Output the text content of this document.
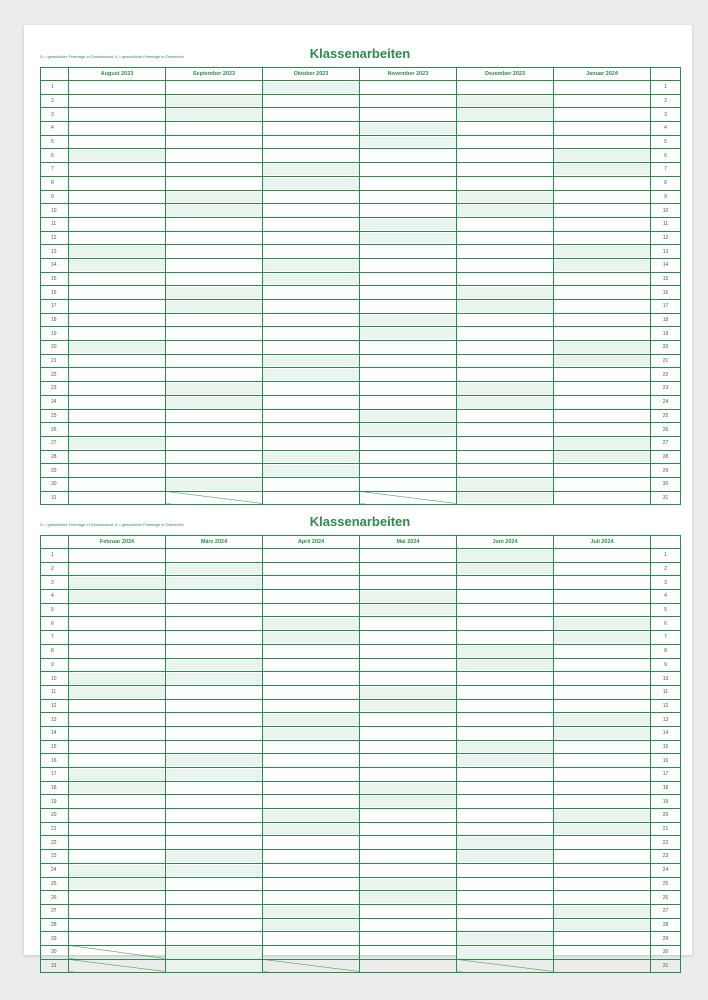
D = gesetzliche Feiertage in Deutschland, A = gesetzliche Feiertage in Österreich	Klassenarbeiten
	August 2023	September 2023	Oktober 2023	November 2023	Dezember 2023	Januar 2024	
1							1
2							2
3							3
4							4
5							5
6							6
7							7
8							8
9							9
10							10
11							11
12							12
13							13
14							14
15							15
16							16
17							17
18							18
19							19
20							20
21							21
22							22
23							23
24							24
25							25
26							26
27							27
28							28
29							29
30							30
31							31
D = gesetzliche Feiertage in Deutschland, A = gesetzliche Feiertage in Österreich	Klassenarbeiten
	Februar 2024	März 2024	April 2024	Mai 2024	Juni 2024	Juli 2024	
1							1
2							2
3							3
4							4
5							5
6							6
7							7
8							8
9							9
10							10
11							11
12							12
13							13
14							14
15							15
16							16
17							17
18							18
19							19
20							20
21							21
22							22
23							23
24							24
25							25
26							26
27							27
28							28
29							29
30							30
31							31
